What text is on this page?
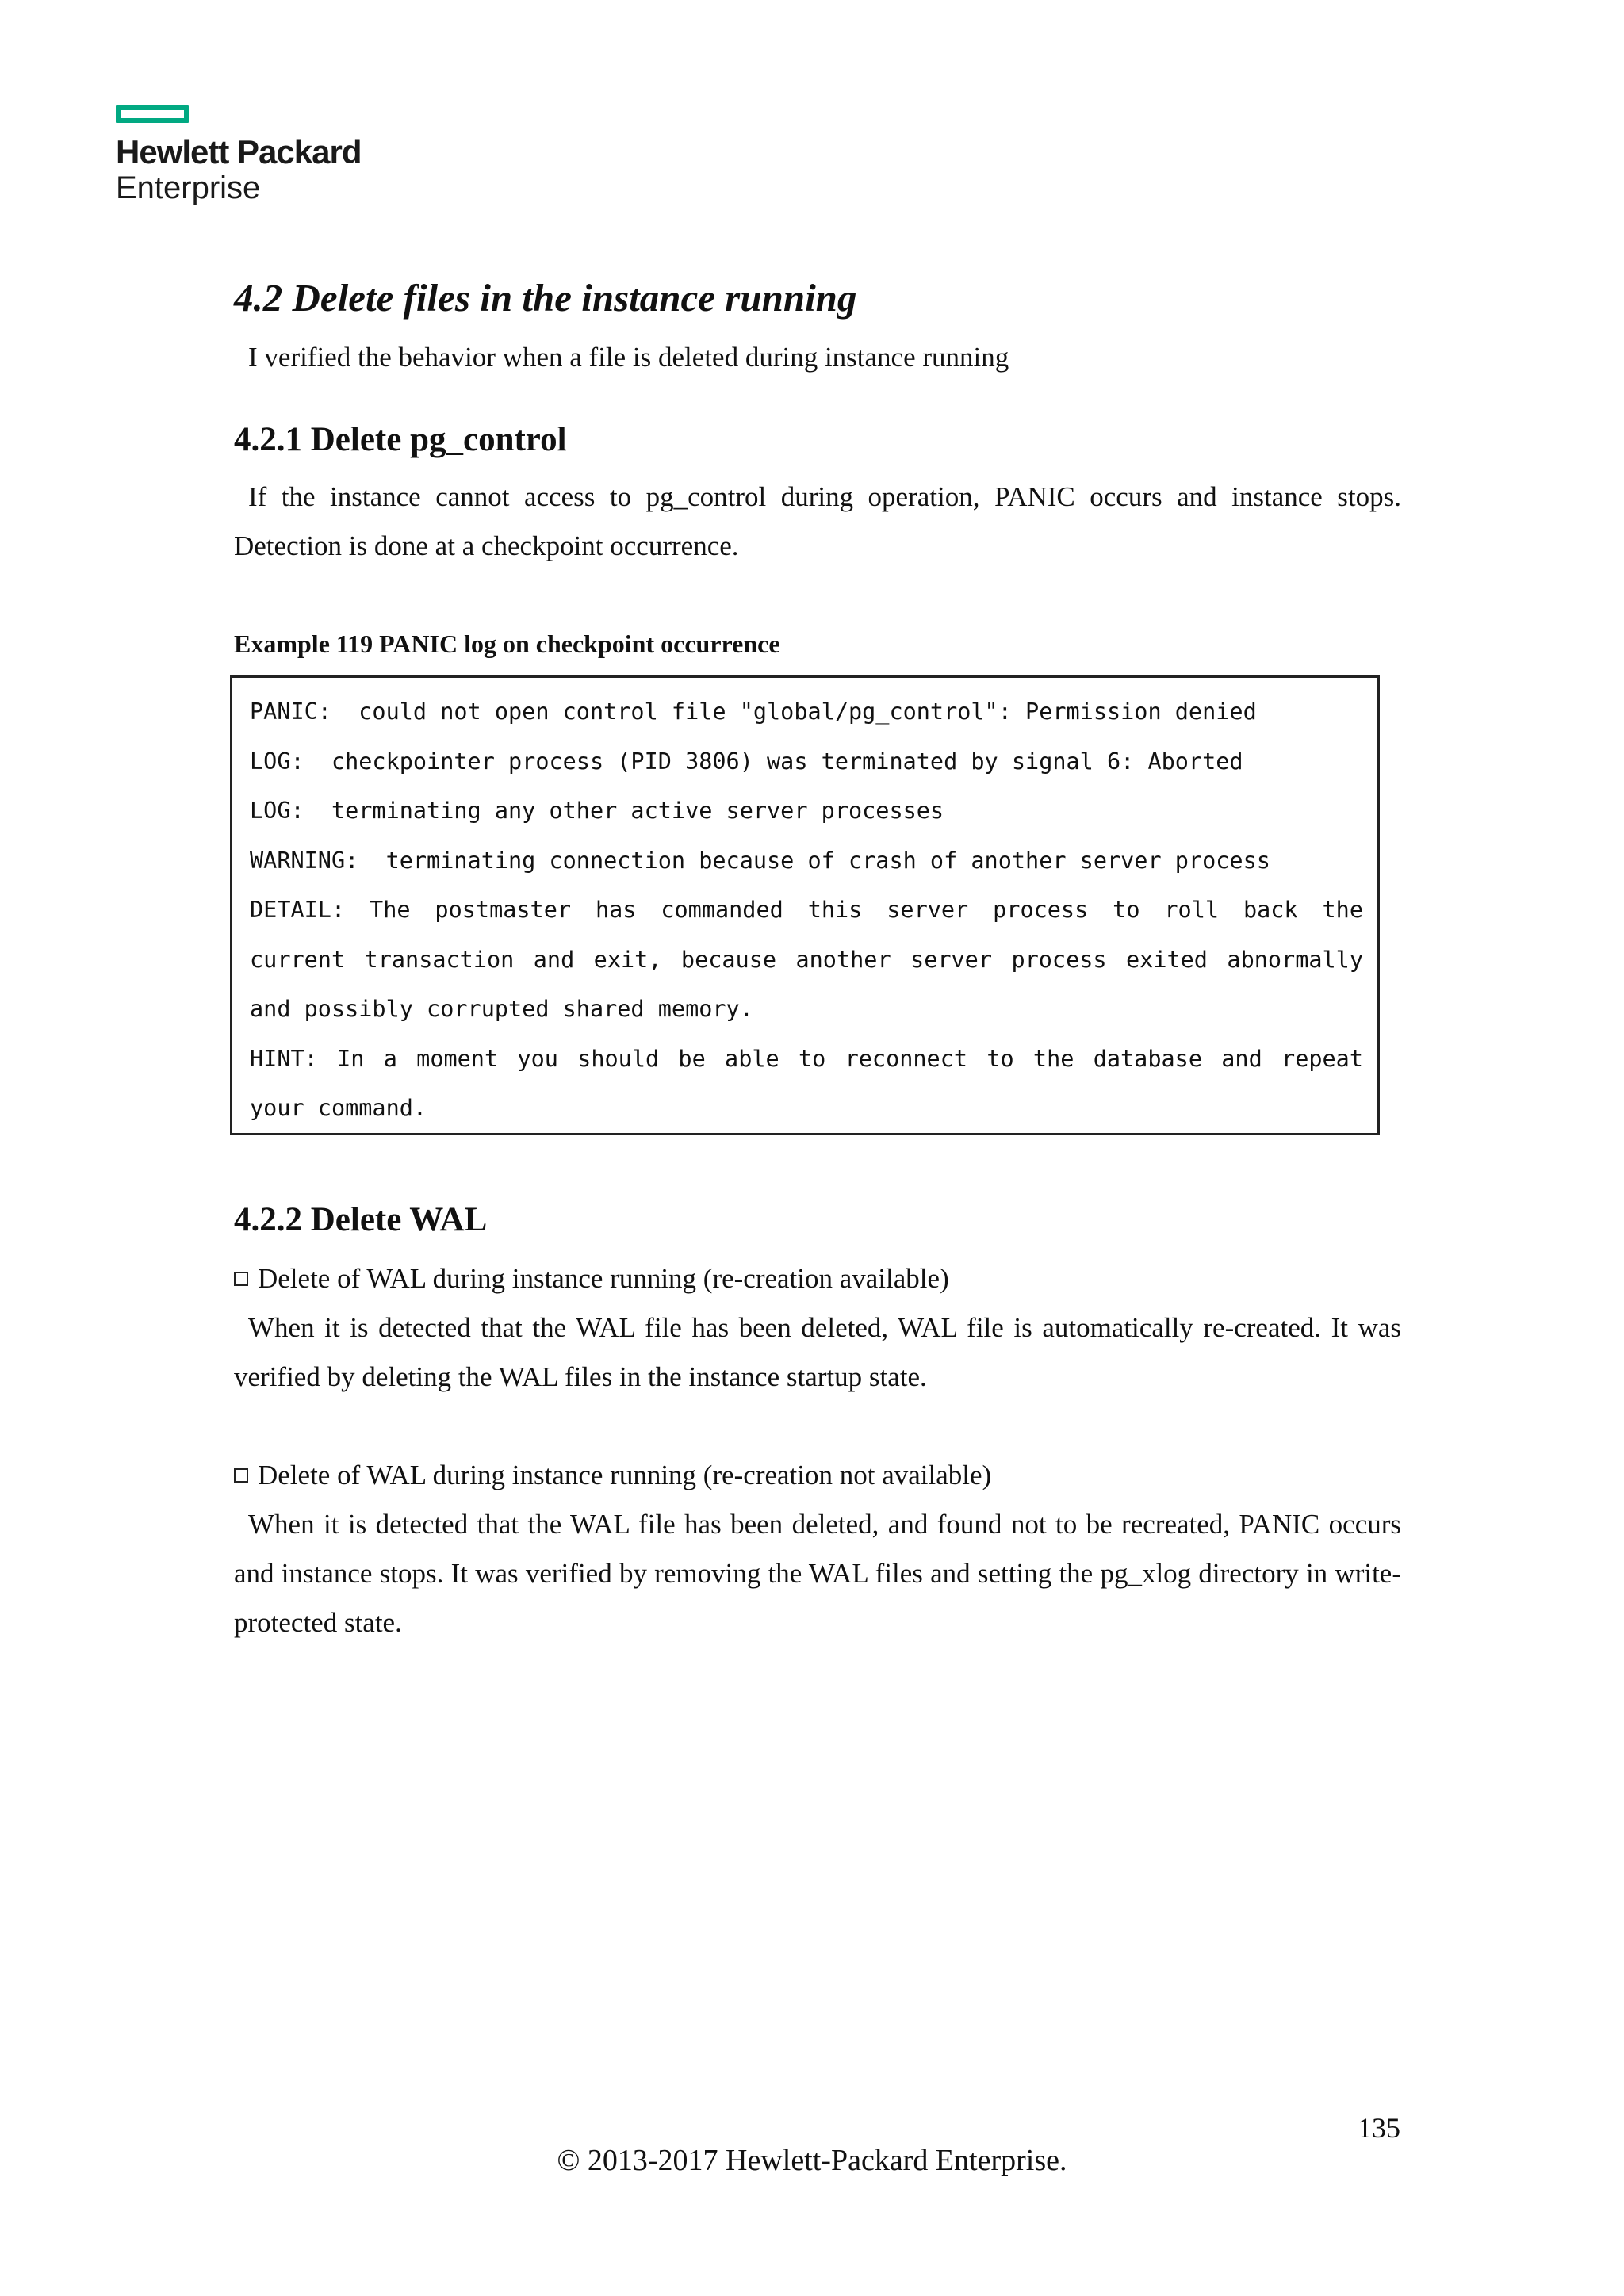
Hewlett Packard
Enterprise
4.2 Delete files in the instance running

I verified the behavior when a file is deleted during instance running

4.2.1 Delete pg_control

If the instance cannot access to pg_control during operation, PANIC occurs and instance stops. Detection is done at a checkpoint occurrence.

Example 119 PANIC log on checkpoint occurrence

PANIC:  could not open control file "global/pg_control": Permission denied
LOG:  checkpointer process (PID 3806) was terminated by signal 6: Aborted
LOG:  terminating any other active server processes
WARNING:  terminating connection because of crash of another server process
DETAIL: The postmaster has commanded this server process to roll back the
current transaction and exit, because another server process exited abnormally
and possibly corrupted shared memory.
HINT: In a moment you should be able to reconnect to the database and repeat
your command.
4.2.2 Delete WAL

Delete of WAL during instance running (re-creation available)

When it is detected that the WAL file has been deleted, WAL file is automatically re-created. It was verified by deleting the WAL files in the instance startup state.

Delete of WAL during instance running (re-creation not available)

When it is detected that the WAL file has been deleted, and found not to be recreated, PANIC occurs and instance stops. It was verified by removing the WAL files and setting the pg_xlog directory in write-protected state.

135

© 2013-2017 Hewlett-Packard Enterprise.
